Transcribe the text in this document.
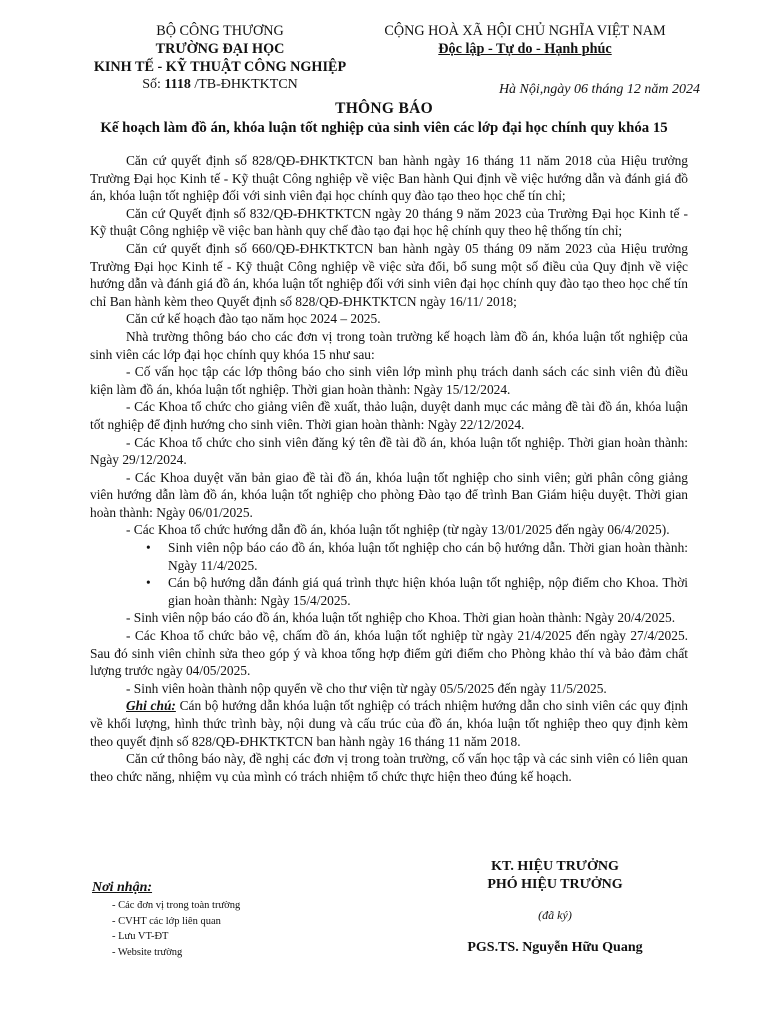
BỘ CÔNG THƯƠNG
TRƯỜNG ĐẠI HỌC
KINH TẾ - KỸ THUẬT CÔNG NGHIỆP
Số: 1118 /TB-ĐHKTKTCN
CỘNG HOÀ XÃ HỘI CHỦ NGHĨA VIỆT NAM
Độc lập - Tự do - Hạnh phúc
Hà Nội,ngày 06 tháng 12 năm 2024
THÔNG BÁO
Kế hoạch làm đồ án, khóa luận tốt nghiệp của sinh viên các lớp đại học chính quy khóa 15

Căn cứ quyết định số 828/QĐ-ĐHKTKTCN ban hành ngày 16 tháng 11 năm 2018 của Hiệu trưởng Trường Đại học Kinh tế - Kỹ thuật Công nghiệp về việc Ban hành Qui định về việc hướng dẫn và đánh giá đồ án, khóa luận tốt nghiệp đối với sinh viên đại học chính quy đào tạo theo học chế tín chỉ;

Căn cứ Quyết định số 832/QĐ-ĐHKTKTCN ngày 20 tháng 9 năm 2023 của Trường Đại học Kinh tế - Kỹ thuật Công nghiệp về việc ban hành quy chế đào tạo đại học hệ chính quy theo hệ thống tín chỉ;

Căn cứ quyết định số 660/QĐ-ĐHKTKTCN ban hành ngày 05 tháng 09 năm 2023 của Hiệu trưởng Trường Đại học Kinh tế - Kỹ thuật Công nghiệp về việc sửa đổi, bổ sung một số điều của Quy định về việc hướng dẫn và đánh giá đồ án, khóa luận tốt nghiệp đối với sinh viên đại học chính quy đào tạo theo học chế tín chỉ Ban hành kèm theo Quyết định số 828/QĐ-ĐHKTKTCN ngày 16/11/ 2018;

Căn cứ kế hoạch đào tạo năm học 2024 – 2025.

Nhà trường thông báo cho các đơn vị trong toàn trường kế hoạch làm đồ án, khóa luận tốt nghiệp của sinh viên các lớp đại học chính quy khóa 15 như sau:

- Cố vấn học tập các lớp thông báo cho sinh viên lớp mình phụ trách danh sách các sinh viên đủ điều kiện làm đồ án, khóa luận tốt nghiệp. Thời gian hoàn thành: Ngày 15/12/2024.

- Các Khoa tổ chức cho giảng viên đề xuất, thảo luận, duyệt danh mục các mảng đề tài đồ án, khóa luận tốt nghiệp để định hướng cho sinh viên. Thời gian hoàn thành: Ngày 22/12/2024.

- Các Khoa tổ chức cho sinh viên đăng ký tên đề tài đồ án, khóa luận tốt nghiệp. Thời gian hoàn thành: Ngày 29/12/2024.

- Các Khoa duyệt văn bản giao đề tài đồ án, khóa luận tốt nghiệp cho sinh viên; gửi phân công giảng viên hướng dẫn làm đồ án, khóa luận tốt nghiệp cho phòng Đào tạo để trình Ban Giám hiệu duyệt. Thời gian hoàn thành: Ngày 06/01/2025.

- Các Khoa tổ chức hướng dẫn đồ án, khóa luận tốt nghiệp (từ ngày 13/01/2025 đến ngày 06/4/2025).

• Sinh viên nộp báo cáo đồ án, khóa luận tốt nghiệp cho cán bộ hướng dẫn. Thời gian hoàn thành: Ngày 11/4/2025.
• Cán bộ hướng dẫn đánh giá quá trình thực hiện khóa luận tốt nghiệp, nộp điểm cho Khoa. Thời gian hoàn thành: Ngày 15/4/2025.

- Sinh viên nộp báo cáo đồ án, khóa luận tốt nghiệp cho Khoa. Thời gian hoàn thành: Ngày 20/4/2025.

- Các Khoa tổ chức bảo vệ, chấm đồ án, khóa luận tốt nghiệp từ ngày 21/4/2025 đến ngày 27/4/2025. Sau đó sinh viên chỉnh sửa theo góp ý và khoa tổng hợp điểm gửi điểm cho Phòng khảo thí và bảo đảm chất lượng trước ngày 04/05/2025.

- Sinh viên hoàn thành nộp quyển về cho thư viện từ ngày 05/5/2025 đến ngày 11/5/2025.

Ghi chú: Cán bộ hướng dẫn khóa luận tốt nghiệp có trách nhiệm hướng dẫn cho sinh viên các quy định về khối lượng, hình thức trình bày, nội dung và cấu trúc của đồ án, khóa luận tốt nghiệp theo quy định kèm theo quyết định số 828/QĐ-ĐHKTKTCN ban hành ngày 16 tháng 11 năm 2018.

Căn cứ thông báo này, đề nghị các đơn vị trong toàn trường, cố vấn học tập và các sinh viên có liên quan theo chức năng, nhiệm vụ của mình có trách nhiệm tổ chức thực hiện theo đúng kế hoạch.

Nơi nhận:
- Các đơn vị trong toàn trường
- CVHT các lớp liên quan
- Lưu VT-ĐT
- Website trường
KT. HIỆU TRƯỞNG
PHÓ HIỆU TRƯỞNG
(đã ký)
PGS.TS. Nguyễn Hữu Quang
